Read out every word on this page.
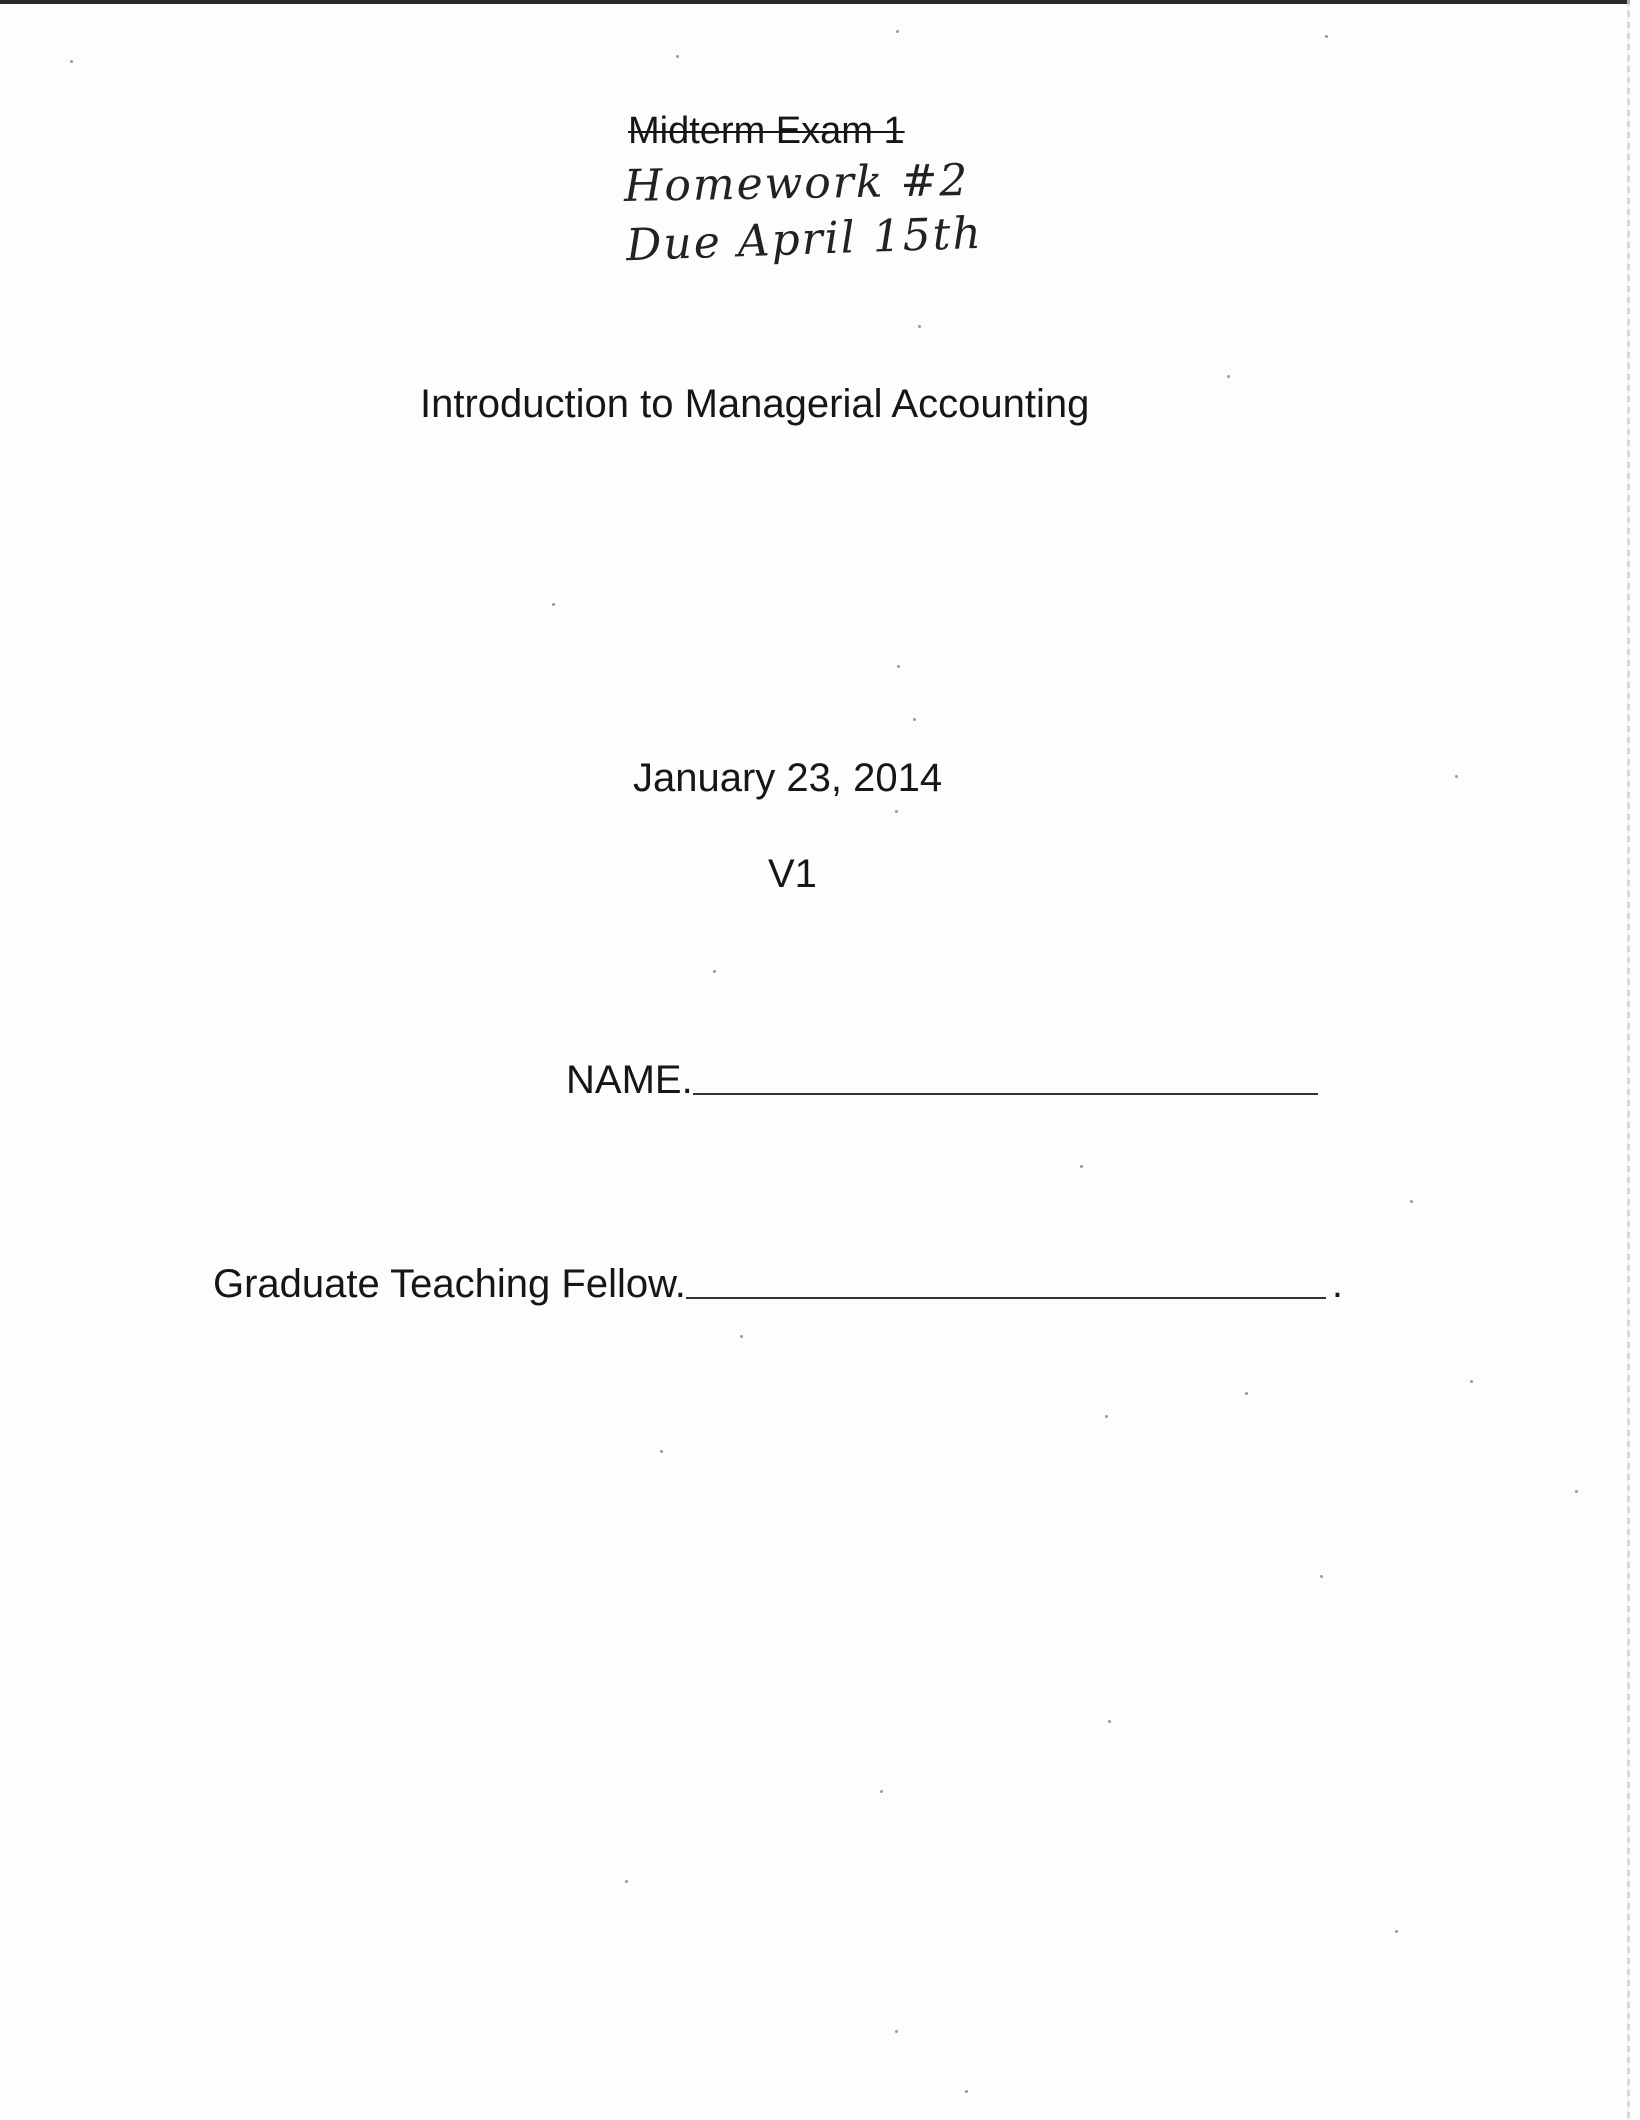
Midterm Exam 1

Homework #2

Due April 15th

Introduction to Managerial Accounting

January 23, 2014

V1

NAME.
Graduate Teaching Fellow.	.
